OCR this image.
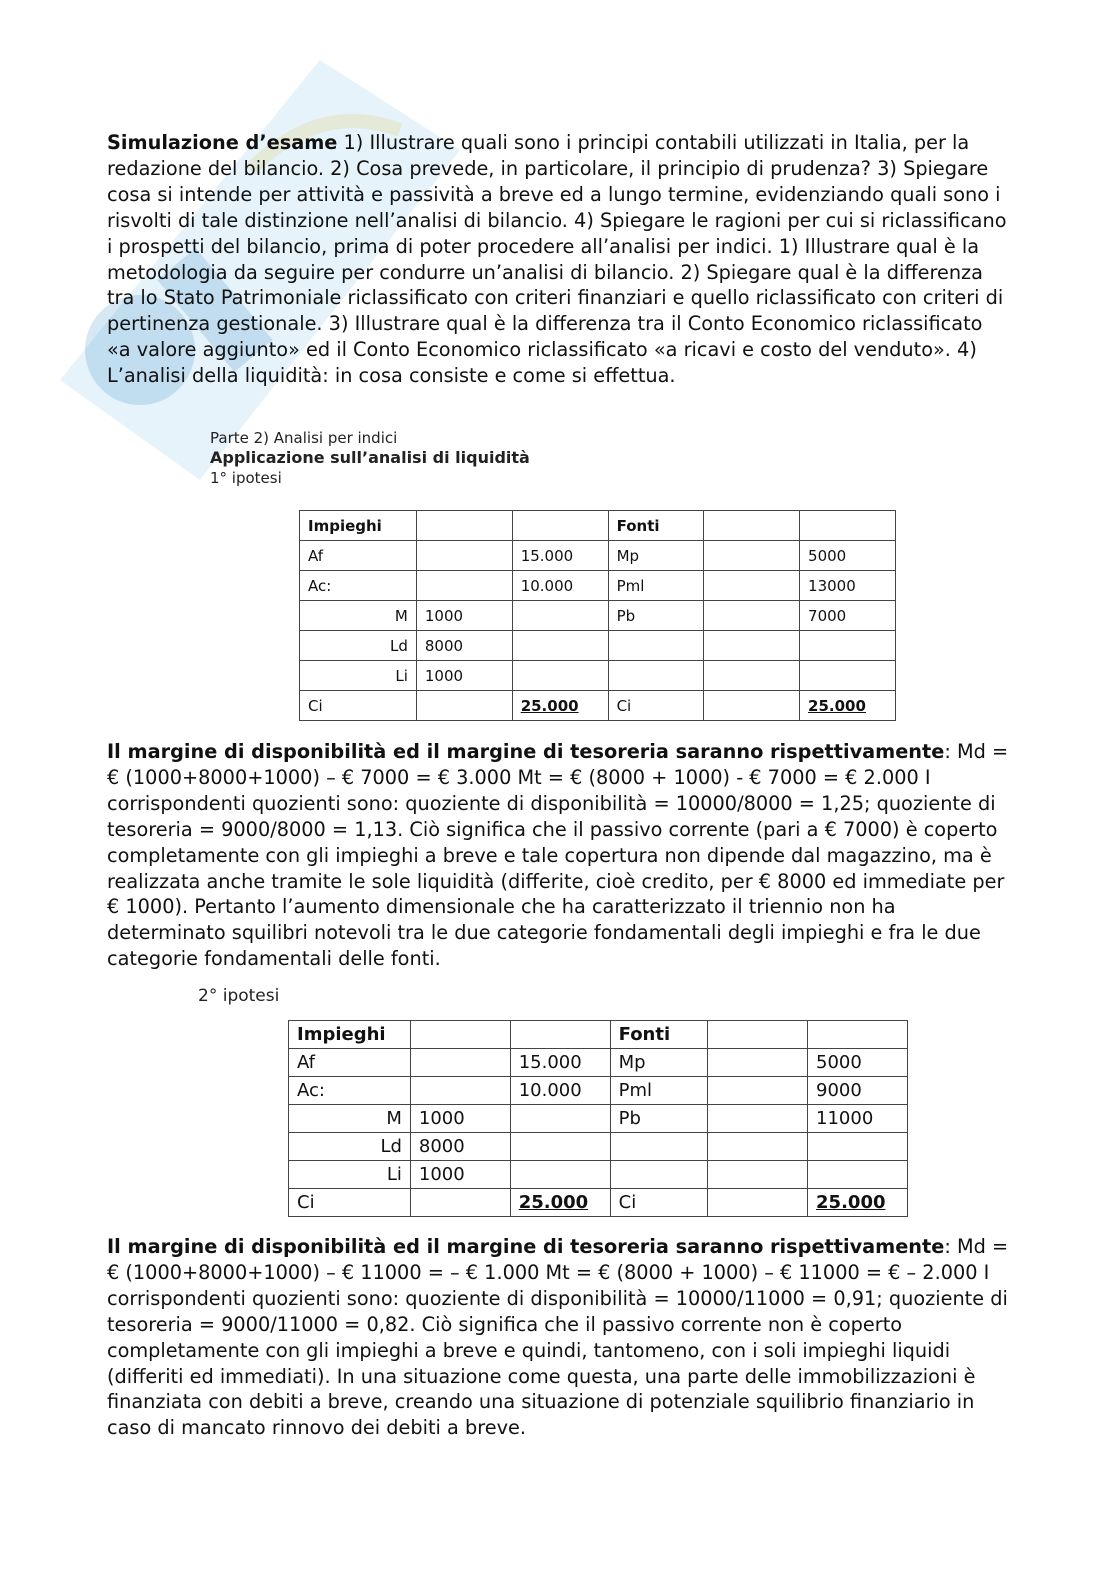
Simulazione d’esame 1) Illustrare quali sono i principi contabili utilizzati in Italia, per la redazione del bilancio. 2) Cosa prevede, in particolare, il principio di prudenza? 3) Spiegare cosa si intende per attività e passività a breve ed a lungo termine, evidenziando quali sono i risvolti di tale distinzione nell’analisi di bilancio. 4) Spiegare le ragioni per cui si riclassificano i prospetti del bilancio, prima di poter procedere all’analisi per indici. 1) Illustrare qual è la metodologia da seguire per condurre un’analisi di bilancio. 2) Spiegare qual è la differenza tra lo Stato Patrimoniale riclassificato con criteri finanziari e quello riclassificato con criteri di pertinenza gestionale. 3) Illustrare qual è la differenza tra il Conto Economico riclassificato «a valore aggiunto» ed il Conto Economico riclassificato «a ricavi e costo del venduto». 4) L’analisi della liquidità: in cosa consiste e come si effettua.

Parte 2) Analisi per indici
Applicazione sull’analisi di liquidità
1° ipotesi
Impieghi			Fonti		
Af		15.000	Mp		5000
Ac:		10.000	Pml		13000
M	1000		Pb		7000
Ld	8000				
Li	1000				
Ci		25.000	Ci		25.000

Il margine di disponibilità ed il margine di tesoreria saranno rispettivamente: Md = € (1000+8000+1000) – € 7000 = € 3.000 Mt = € (8000 + 1000) - € 7000 = € 2.000 I corrispondenti quozienti sono: quoziente di disponibilità = 10000/8000 = 1,25; quoziente di tesoreria = 9000/8000 = 1,13. Ciò significa che il passivo corrente (pari a € 7000) è coperto completamente con gli impieghi a breve e tale copertura non dipende dal magazzino, ma è realizzata anche tramite le sole liquidità (differite, cioè credito, per € 8000 ed immediate per € 1000). Pertanto l’aumento dimensionale che ha caratterizzato il triennio non ha determinato squilibri notevoli tra le due categorie fondamentali degli impieghi e fra le due categorie fondamentali delle fonti.

2° ipotesi
Impieghi			Fonti		
Af		15.000	Mp		5000
Ac:		10.000	Pml		9000
M	1000		Pb		11000
Ld	8000				
Li	1000				
Ci		25.000	Ci		25.000

Il margine di disponibilità ed il margine di tesoreria saranno rispettivamente: Md = € (1000+8000+1000) – € 11000 = – € 1.000 Mt = € (8000 + 1000) – € 11000 = € – 2.000 I corrispondenti quozienti sono: quoziente di disponibilità = 10000/11000 = 0,91; quoziente di tesoreria = 9000/11000 = 0,82. Ciò significa che il passivo corrente non è coperto completamente con gli impieghi a breve e quindi, tantomeno, con i soli impieghi liquidi (differiti ed immediati). In una situazione come questa, una parte delle immobilizzazioni è finanziata con debiti a breve, creando una situazione di potenziale squilibrio finanziario in caso di mancato rinnovo dei debiti a breve.
